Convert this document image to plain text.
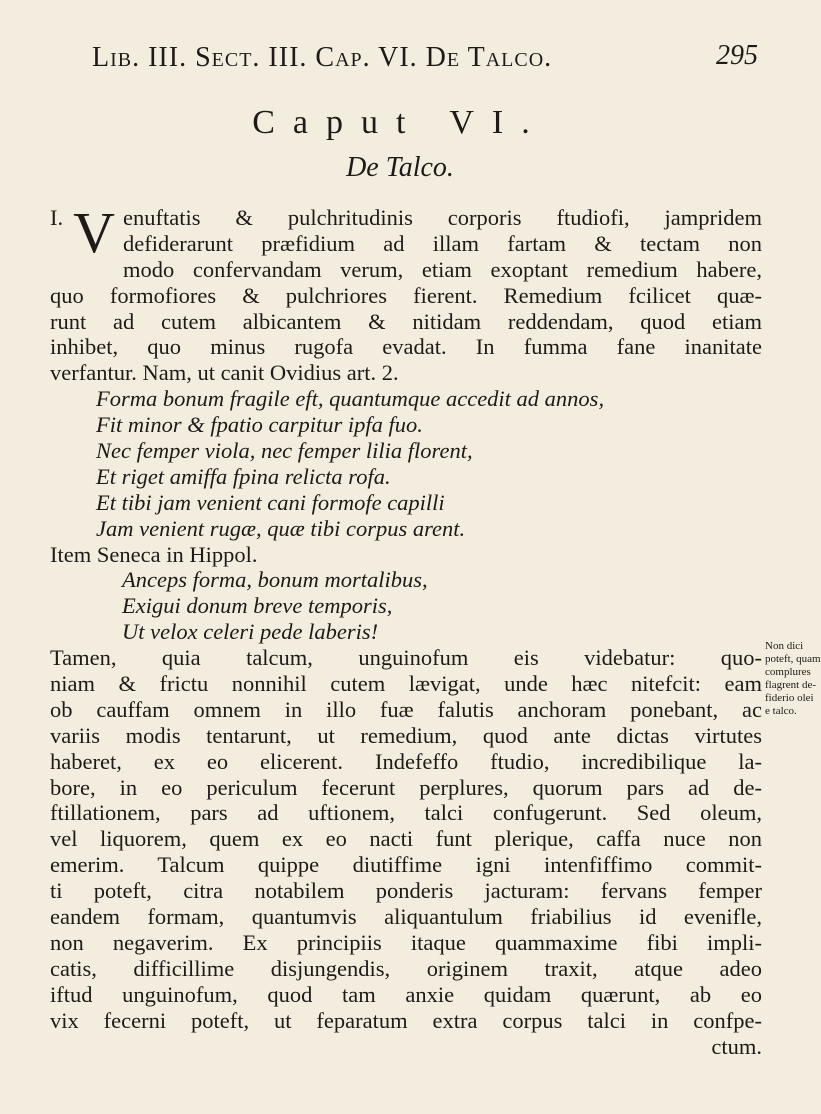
Lib. III. Sect. III. Cap. VI. De Talco.	295
Caput VI.
De Talco.
I. V enuftatis & pulchritudinis corporis ftudiofi, jampridem
defiderarunt præfidium ad illam fartam & tectam non
modo confervandam verum, etiam exoptant remedium habere,
quo formofiores & pulchriores fierent. Remedium fcilicet quæ-
runt ad cutem albicantem & nitidam reddendam, quod etiam
inhibet, quo minus rugofa evadat. In fumma fane inanitate
verfantur. Nam, ut canit Ovidius art. 2.
Forma bonum fragile eft, quantumque accedit ad annos,
Fit minor & fpatio carpitur ipfa fuo.
Nec femper viola, nec femper lilia florent,
Et riget amiffa fpina relicta rofa.
Et tibi jam venient cani formofe capilli
Jam venient rugæ, quæ tibi corpus arent.
Item Seneca in Hippol.
Anceps forma, bonum mortalibus,
Exigui donum breve temporis,
Ut velox celeri pede laberis!
Tamen, quia talcum, unguinofum eis videbatur: quo-
niam & frictu nonnihil cutem lævigat, unde hæc nitefcit: eam
ob cauffam omnem in illo fuæ falutis anchoram ponebant, ac
variis modis tentarunt, ut remedium, quod ante dictas virtutes
haberet, ex eo elicerent. Indefeffo ftudio, incredibilique la-
bore, in eo periculum fecerunt perplures, quorum pars ad de-
ftillationem, pars ad uftionem, talci confugerunt. Sed oleum,
vel liquorem, quem ex eo nacti funt plerique, caffa nuce non
emerim. Talcum quippe diutiffime igni intenfiffimo commit-
ti poteft, citra notabilem ponderis jacturam: fervans femper
eandem formam, quantumvis aliquantulum friabilius id evenifle,
non negaverim. Ex principiis itaque quammaxime fibi impli-
catis, difficillime disjungendis, originem traxit, atque adeo
iftud unguinofum, quod tam anxie quidam quærunt, ab eo
vix fecerni poteft, ut feparatum extra corpus talci in confpe-
ctum.
Non dici
poteft, quam
complures
flagrent de-
fiderio olei
e talco.
